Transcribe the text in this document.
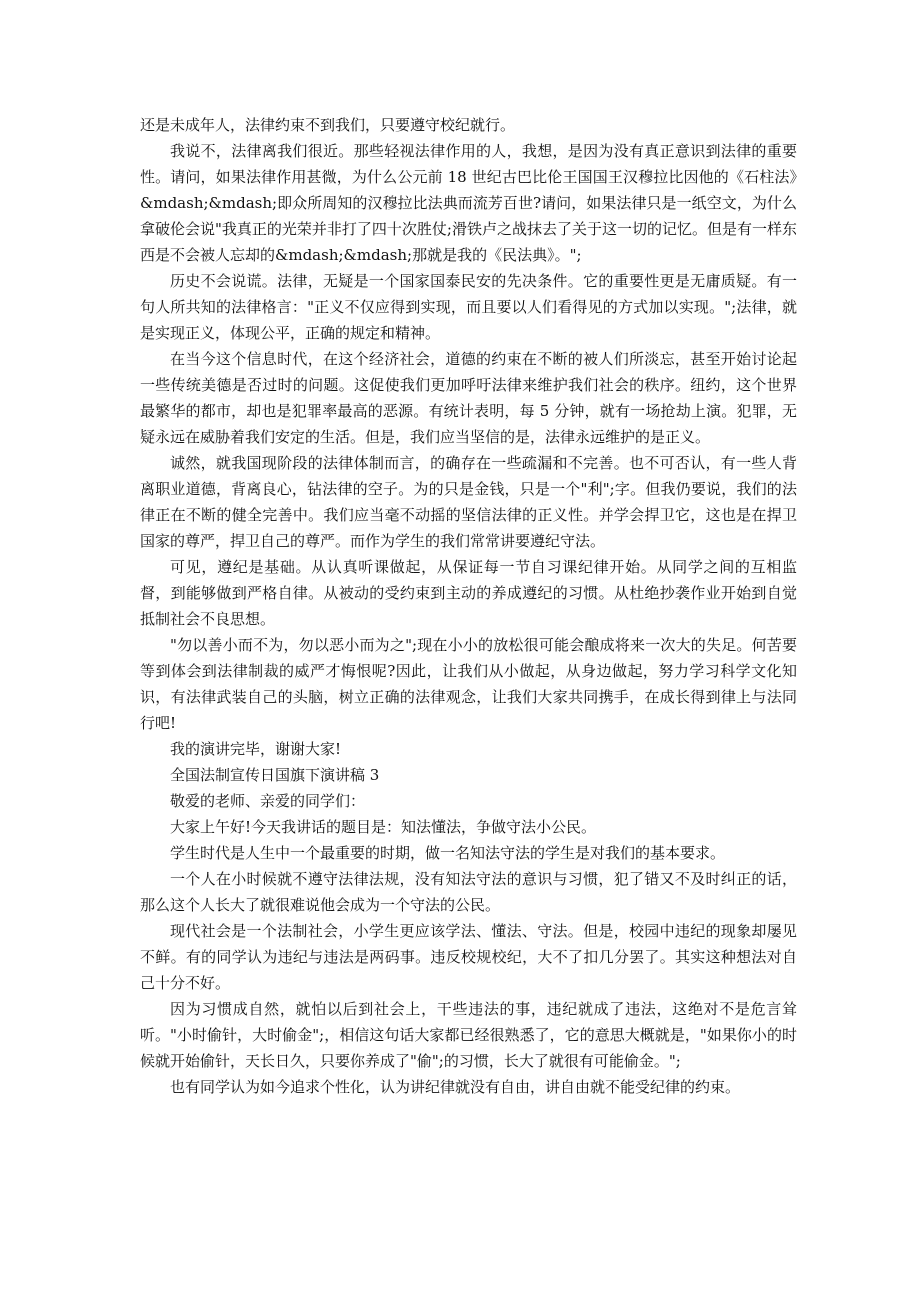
还是未成年人，法律约束不到我们，只要遵守校纪就行。

我说不，法律离我们很近。那些轻视法律作用的人，我想，是因为没有真正意识到法律的重要性。请问，如果法律作用甚微，为什么公元前 18 世纪古巴比伦王国国王汉穆拉比因他的《石柱法》&mdash;&mdash;即众所周知的汉穆拉比法典而流芳百世?请问，如果法律只是一纸空文，为什么拿破伦会说"我真正的光荣并非打了四十次胜仗;滑铁卢之战抹去了关于这一切的记忆。但是有一样东西是不会被人忘却的&mdash;&mdash;那就是我的《民法典》。";

历史不会说谎。法律，无疑是一个国家国泰民安的先决条件。它的重要性更是无庸质疑。有一句人所共知的法律格言："正义不仅应得到实现，而且要以人们看得见的方式加以实现。";法律，就是实现正义，体现公平，正确的规定和精神。

在当今这个信息时代，在这个经济社会，道德的约束在不断的被人们所淡忘，甚至开始讨论起一些传统美德是否过时的问题。这促使我们更加呼吁法律来维护我们社会的秩序。纽约，这个世界最繁华的都市，却也是犯罪率最高的恶源。有统计表明，每 5 分钟，就有一场抢劫上演。犯罪，无疑永远在威胁着我们安定的生活。但是，我们应当坚信的是，法律永远维护的是正义。

诚然，就我国现阶段的法律体制而言，的确存在一些疏漏和不完善。也不可否认，有一些人背离职业道德，背离良心，钻法律的空子。为的只是金钱，只是一个"利";字。但我仍要说，我们的法律正在不断的健全完善中。我们应当毫不动摇的坚信法律的正义性。并学会捍卫它，这也是在捍卫国家的尊严，捍卫自己的尊严。而作为学生的我们常常讲要遵纪守法。

可见，遵纪是基础。从认真听课做起，从保证每一节自习课纪律开始。从同学之间的互相监督，到能够做到严格自律。从被动的受约束到主动的养成遵纪的习惯。从杜绝抄袭作业开始到自觉抵制社会不良思想。

"勿以善小而不为，勿以恶小而为之";现在小小的放松很可能会酿成将来一次大的失足。何苦要等到体会到法律制裁的威严才悔恨呢?因此，让我们从小做起，从身边做起，努力学习科学文化知识，有法律武装自己的头脑，树立正确的法律观念，让我们大家共同携手，在成长得到律上与法同行吧!

我的演讲完毕，谢谢大家!

全国法制宣传日国旗下演讲稿 3

敬爱的老师、亲爱的同学们：

大家上午好!今天我讲话的题目是：知法懂法，争做守法小公民。

学生时代是人生中一个最重要的时期，做一名知法守法的学生是对我们的基本要求。

一个人在小时候就不遵守法律法规，没有知法守法的意识与习惯，犯了错又不及时纠正的话，那么这个人长大了就很难说他会成为一个守法的公民。

现代社会是一个法制社会，小学生更应该学法、懂法、守法。但是，校园中违纪的现象却屡见不鲜。有的同学认为违纪与违法是两码事。违反校规校纪，大不了扣几分罢了。其实这种想法对自己十分不好。

因为习惯成自然，就怕以后到社会上，干些违法的事，违纪就成了违法，这绝对不是危言耸听。"小时偷针，大时偷金";，相信这句话大家都已经很熟悉了，它的意思大概就是，"如果你小的时候就开始偷针，天长日久，只要你养成了"偷";的习惯，长大了就很有可能偷金。";

也有同学认为如今追求个性化，认为讲纪律就没有自由，讲自由就不能受纪律的约束。
